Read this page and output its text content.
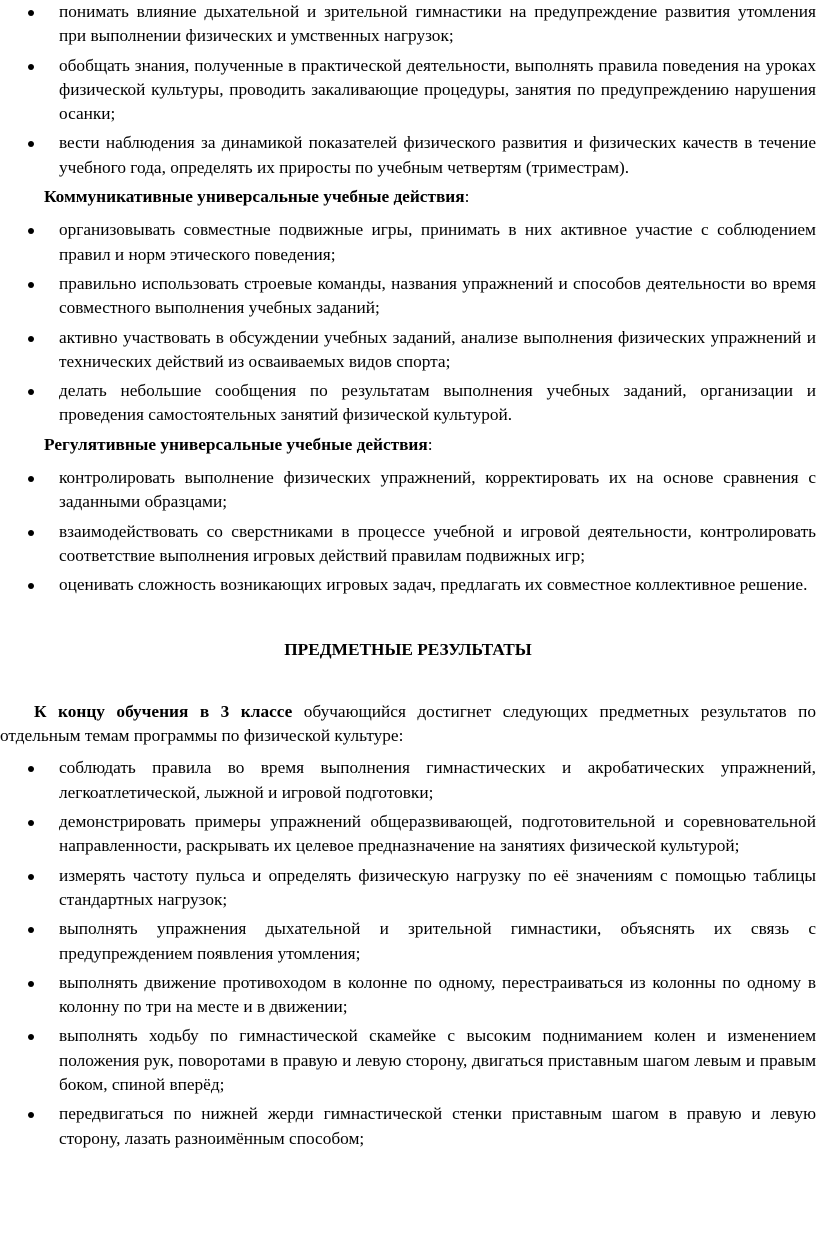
понимать влияние дыхательной и зрительной гимнастики на предупреждение развития утомления при выполнении физических и умственных нагрузок;
обобщать знания, полученные в практической деятельности, выполнять правила поведения на уроках физической культуры, проводить закаливающие процедуры, занятия по предупреждению нарушения осанки;
вести наблюдения за динамикой показателей физического развития и физических качеств в течение учебного года, определять их приросты по учебным четвертям (триместрам).
Коммуникативные универсальные учебные действия:
организовывать совместные подвижные игры, принимать в них активное участие с соблюдением правил и норм этического поведения;
правильно использовать строевые команды, названия упражнений и способов деятельности во время совместного выполнения учебных заданий;
активно участвовать в обсуждении учебных заданий, анализе выполнения физических упражнений и технических действий из осваиваемых видов спорта;
делать небольшие сообщения по результатам выполнения учебных заданий, организации и проведения самостоятельных занятий физической культурой.
Регулятивные универсальные учебные действия:
контролировать выполнение физических упражнений, корректировать их на основе сравнения с заданными образцами;
взаимодействовать со сверстниками в процессе учебной и игровой деятельности, контролировать соответствие выполнения игровых действий правилам подвижных игр;
оценивать сложность возникающих игровых задач, предлагать их совместное коллективное решение.
ПРЕДМЕТНЫЕ РЕЗУЛЬТАТЫ

К концу обучения в 3 классе обучающийся достигнет следующих предметных результатов по отдельным темам программы по физической культуре:

соблюдать правила во время выполнения гимнастических и акробатических упражнений, легкоатлетической, лыжной и игровой подготовки;
демонстрировать примеры упражнений общеразвивающей, подготовительной и соревновательной направленности, раскрывать их целевое предназначение на занятиях физической культурой;
измерять частоту пульса и определять физическую нагрузку по её значениям с помощью таблицы стандартных нагрузок;
выполнять упражнения дыхательной и зрительной гимнастики, объяснять их связь с предупреждением появления утомления;
выполнять движение противоходом в колонне по одному, перестраиваться из колонны по одному в колонну по три на месте и в движении;
выполнять ходьбу по гимнастической скамейке с высоким подниманием колен и изменением положения рук, поворотами в правую и левую сторону, двигаться приставным шагом левым и правым боком, спиной вперёд;
передвигаться по нижней жерди гимнастической стенки приставным шагом в правую и левую сторону, лазать разноимённым способом;
